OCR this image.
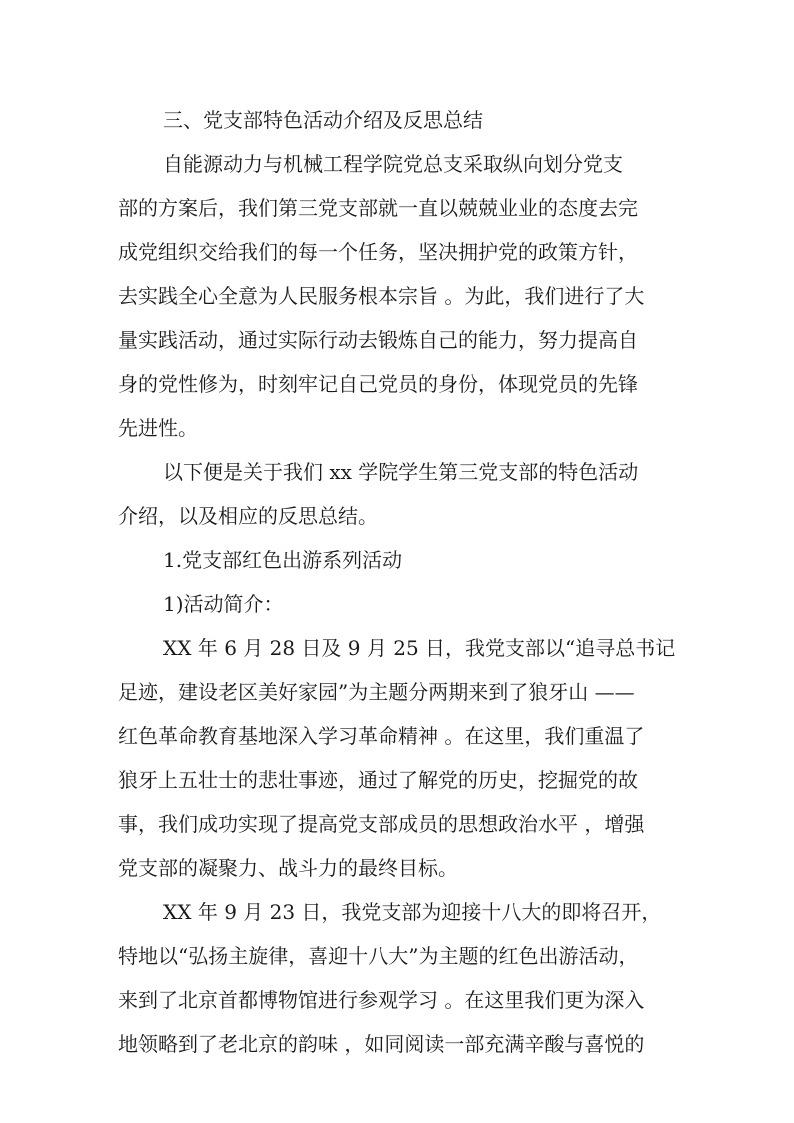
三、党支部特色活动介绍及反思总结
自能源动力与机械工程学院党总支采取纵向划分党支
部的方案后，我们第三党支部就一直以兢兢业业的态度去完
成党组织交给我们的每一个任务，坚决拥护党的政策方针，
去实践全心全意为人民服务根本宗旨 。为此，我们进行了大
量实践活动，通过实际行动去锻炼自己的能力，努力提高自
身的党性修为，时刻牢记自己党员的身份，体现党员的先锋
先进性。
以下便是关于我们 xx 学院学生第三党支部的特色活动
介绍，以及相应的反思总结。
1.党支部红色出游系列活动
1)活动简介：
XX 年 6 月 28 日及 9 月 25 日，我党支部以“追寻总书记
足迹，建设老区美好家园”为主题分两期来到了狼牙山 ——
红色革命教育基地深入学习革命精神 。在这里，我们重温了
狼牙上五壮士的悲壮事迹，通过了解党的历史，挖掘党的故
事，我们成功实现了提高党支部成员的思想政治水平 ，增强
党支部的凝聚力、战斗力的最终目标。
XX 年 9 月 23 日，我党支部为迎接十八大的即将召开，
特地以“弘扬主旋律，喜迎十八大”为主题的红色出游活动，
来到了北京首都博物馆进行参观学习 。在这里我们更为深入
地领略到了老北京的韵味 ，如同阅读一部充满辛酸与喜悦的
